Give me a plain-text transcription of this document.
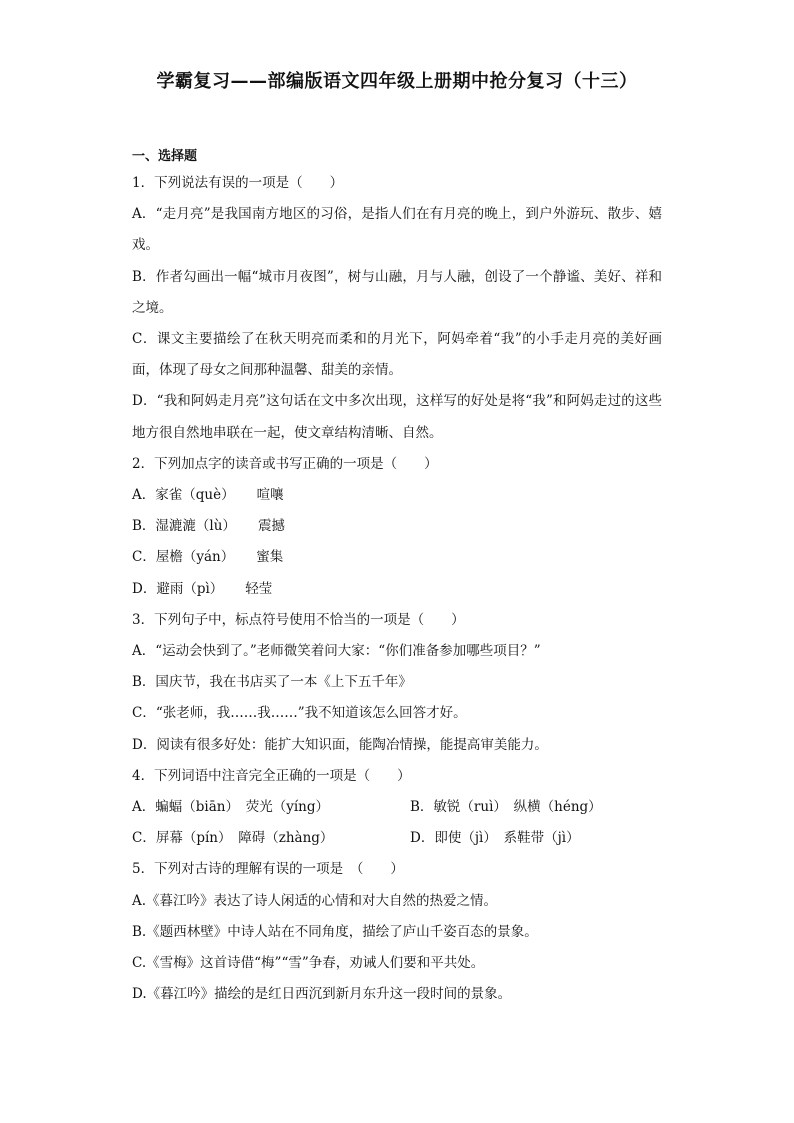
学霸复习——部编版语文四年级上册期中抢分复习（十三）
一、选择题
1．下列说法有误的一项是（　　）
A．“走月亮”是我国南方地区的习俗，是指人们在有月亮的晚上，到户外游玩、散步、嬉戏。
B．作者勾画出一幅“城市月夜图”，树与山融，月与人融，创设了一个静谧、美好、祥和之境。
C．课文主要描绘了在秋天明亮而柔和的月光下，阿妈牵着“我”的小手走月亮的美好画面，体现了母女之间那种温馨、甜美的亲情。
D．“我和阿妈走月亮”这句话在文中多次出现，这样写的好处是将“我”和阿妈走过的这些地方很自然地串联在一起，使文章结构清晰、自然。
2．下列加点字的读音或书写正确的一项是（　　）
A．家雀（què） 喧嚷
B．湿漉漉（lù） 震撼
C．屋檐（yán） 蜜集
D．避雨（pì） 轻莹
3．下列句子中，标点符号使用不恰当的一项是（　　）
A．“运动会快到了。”老师微笑着问大家：“你们准备参加哪些项目？”
B．国庆节，我在书店买了一本《上下五千年》
C．“张老师，我……我……”我不知道该怎么回答才好。
D．阅读有很多好处：能扩大知识面，能陶冶情操，能提高审美能力。
4．下列词语中注音完全正确的一项是（　　）
A．蝙蝠（biān）　荧光（yíng）	B．敏锐（ruì）　纵横（héng）
C．屏幕（pín）　障碍（zhàng）	D．即使（jì）　系鞋带（jì）
5．下列对古诗的理解有误的一项是　（　　）
A.《暮江吟》表达了诗人闲适的心情和对大自然的热爱之情。
B.《题西林壁》中诗人站在不同角度，描绘了庐山千姿百态的景象。
C.《雪梅》这首诗借“梅”“雪”争春，劝诫人们要和平共处。
D.《暮江吟》描绘的是红日西沉到新月东升这一段时间的景象。
